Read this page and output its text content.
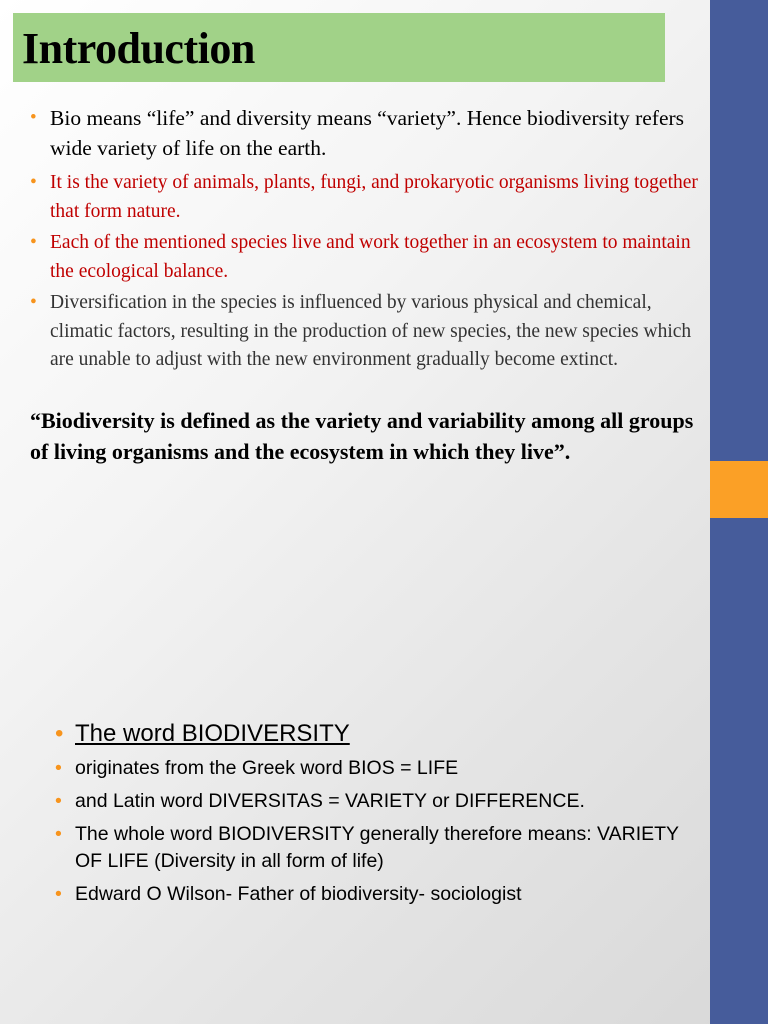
Introduction
• Bio means “life” and diversity means “variety”. Hence biodiversity refers wide variety of life on the earth.
• It is the variety of animals, plants, fungi, and prokaryotic organisms living together that form nature.
• Each of the mentioned species live and work together in an ecosystem to maintain the ecological balance.
• Diversification in the species is influenced by various physical and chemical, climatic factors, resulting in the production of new species, the new species which are unable to adjust with the new environment gradually become extinct.
“Biodiversity is defined as the variety and variability among all groups of living organisms and the ecosystem in which they live”.
• The word BIODIVERSITY
• originates from the Greek word BIOS = LIFE
• and Latin word DIVERSITAS = VARIETY or DIFFERENCE.
• The whole word BIODIVERSITY generally therefore means: VARIETY OF LIFE (Diversity in all form of life)
• Edward O Wilson- Father of biodiversity- sociologist
